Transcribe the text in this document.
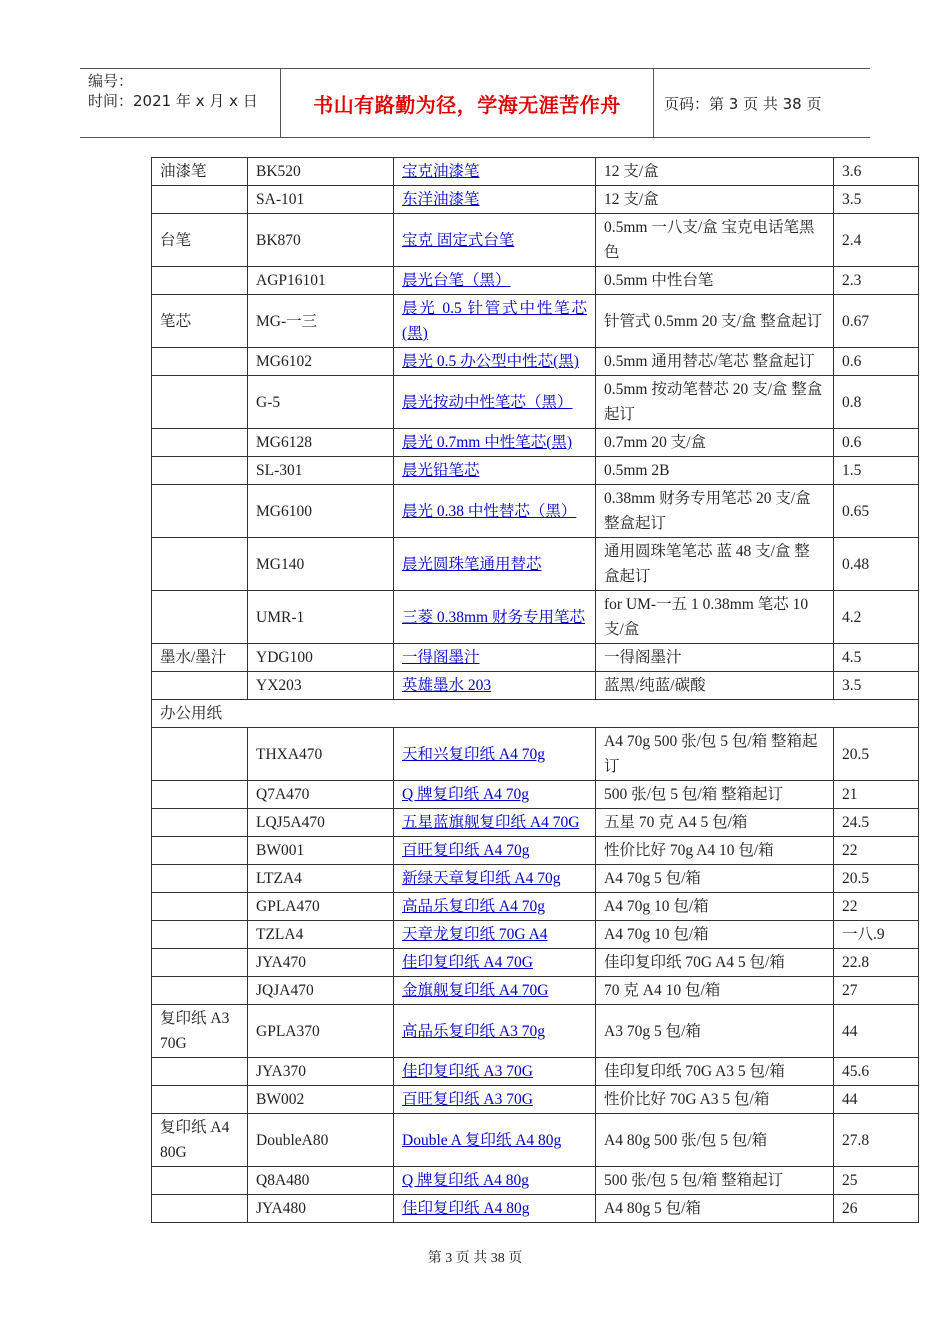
编号：
时间：2021 年 x 月 x 日	书山有路勤为径，学海无涯苦作舟	页码：第 3 页 共 38 页
油漆笔	BK520	宝克油漆笔	12 支/盒	3.6
	SA-101	东洋油漆笔	12 支/盒	3.5
台笔	BK870	宝克 固定式台笔	0.5mm 一八支/盒 宝克电话笔黑色	2.4
	AGP16101	晨光台笔（黑）	0.5mm 中性台笔	2.3
笔芯	MG-一三	晨光 0.5 针管式中性笔芯(黑)	针管式 0.5mm 20 支/盒 整盒起订	0.67
	MG6102	晨光 0.5 办公型中性芯(黑)	0.5mm 通用替芯/笔芯 整盒起订	0.6
	G-5	晨光按动中性笔芯（黑）	0.5mm 按动笔替芯 20 支/盒 整盒起订	0.8
	MG6128	晨光 0.7mm 中性笔芯(黑)	0.7mm 20 支/盒	0.6
	SL-301	晨光铅笔芯	0.5mm 2B	1.5
	MG6100	晨光 0.38 中性替芯（黑）	0.38mm 财务专用笔芯 20 支/盒 整盒起订	0.65
	MG140	晨光圆珠笔通用替芯	通用圆珠笔笔芯 蓝 48 支/盒 整盒起订	0.48
	UMR-1	三菱 0.38mm 财务专用笔芯	for UM-一五 1 0.38mm 笔芯 10 支/盒	4.2
墨水/墨汁	YDG100	一得阁墨汁	一得阁墨汁	4.5
	YX203	英雄墨水 203	蓝黑/纯蓝/碳酸	3.5
办公用纸				
	THXA470	天和兴复印纸 A4 70g	A4 70g 500 张/包 5 包/箱 整箱起订	20.5
	Q7A470	Q 牌复印纸 A4 70g	500 张/包 5 包/箱 整箱起订	21
	LQJ5A470	五星蓝旗舰复印纸 A4 70G	五星 70 克 A4 5 包/箱	24.5
	BW001	百旺复印纸 A4 70g	性价比好 70g A4 10 包/箱	22
	LTZA4	新绿天章复印纸 A4 70g	A4 70g 5 包/箱	20.5
	GPLA470	高品乐复印纸 A4 70g	A4 70g 10 包/箱	22
	TZLA4	天章龙复印纸 70G A4	A4 70g 10 包/箱	一八.9
	JYA470	佳印复印纸 A4 70G	佳印复印纸 70G A4 5 包/箱	22.8
	JQJA470	金旗舰复印纸 A4 70G	70 克 A4 10 包/箱	27
复印纸 A3 70G	GPLA370	高品乐复印纸 A3 70g	A3 70g 5 包/箱	44
	JYA370	佳印复印纸 A3 70G	佳印复印纸 70G A3 5 包/箱	45.6
	BW002	百旺复印纸 A3 70G	性价比好 70G A3 5 包/箱	44
复印纸 A4 80G	DoubleA80	Double A 复印纸 A4 80g	A4 80g 500 张/包 5 包/箱	27.8
	Q8A480	Q 牌复印纸 A4 80g	500 张/包 5 包/箱 整箱起订	25
	JYA480	佳印复印纸 A4 80g	A4 80g 5 包/箱	26
第 3 页 共 38 页
